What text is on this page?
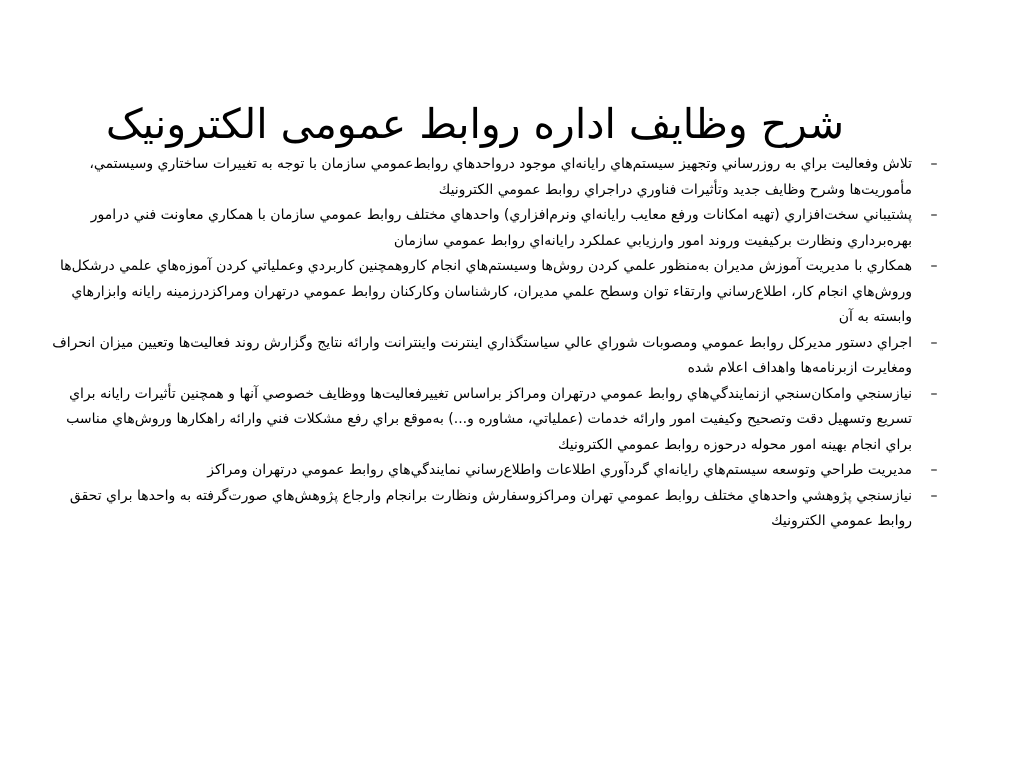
شرح وظایف اداره روابط عمومی الکترونیک
–
تلاش وفعاليت براي به روزرساني وتجهيز سيستم‌هاي رايانه‌اي موجود درواحدهاي روابط‌عمومي سازمان با توجه به تغييرات ساختاري وسيستمي، مأموريت‌ها وشرح وظايف جديد وتأثيرات فناوري دراجراي روابط عمومي الكترونيك
–
پشتيباني سخت‌افزاري (تهيه امكانات ورفع معايب رايانه‌اي ونرم‌افزاري) واحدهاي مختلف روابط عمومي سازمان با همكاري معاونت فني درامور بهره‌برداري ونظارت بركيفيت وروند امور وارزيابي عملكرد رايانه‌اي روابط عمومي سازمان
–
همكاري با مديريت آموزش مديران به‌منظور علمي كردن روش‌ها وسيستم‌هاي انجام كاروهمچنين كاربردي وعملياتي كردن آموزه‌هاي علمي درشكل‌ها وروش‌هاي انجام كار، اطلاع‌رساني وارتقاء توان وسطح علمي مديران، كارشناسان وكاركنان روابط عمومي درتهران ومراكزدرزمينه رايانه وابزارهاي وابسته به آن
–
اجراي دستور مديركل روابط عمومي ومصوبات شوراي عالي سياستگذاري اينترنت واينترانت وارائه نتايج وگزارش روند فعاليت‌ها وتعيين ميزان انحراف ومغايرت ازبرنامه‌ها واهداف اعلام شده
–
نيازسنجي وامكان‌سنجي ازنمايندگي‌هاي روابط عمومي درتهران ومراكز براساس تغييرفعاليت‌ها ووظايف خصوصي آنها و همچنين تأثيرات رايانه براي تسريع وتسهيل دقت وتصحيح وكيفيت امور وارائه خدمات (عملياتي، مشاوره و...) به‌موقع براي رفع مشكلات فني وارائه راهكارها وروش‌هاي مناسب براي انجام بهينه امور محوله درحوزه روابط عمومي الكترونيك
–
مديريت طراحي وتوسعه سيستم‌هاي رايانه‌اي گردآوري اطلاعات واطلاع‌رساني نمايندگي‌هاي روابط عمومي درتهران ومراكز
–
نيازسنجي پژوهشي واحدهاي مختلف روابط عمومي تهران ومراكزوسفارش ونظارت برانجام وارجاع پژوهش‌هاي صورت‌گرفته به واحدها براي تحقق روابط عمومي الكترونيك
